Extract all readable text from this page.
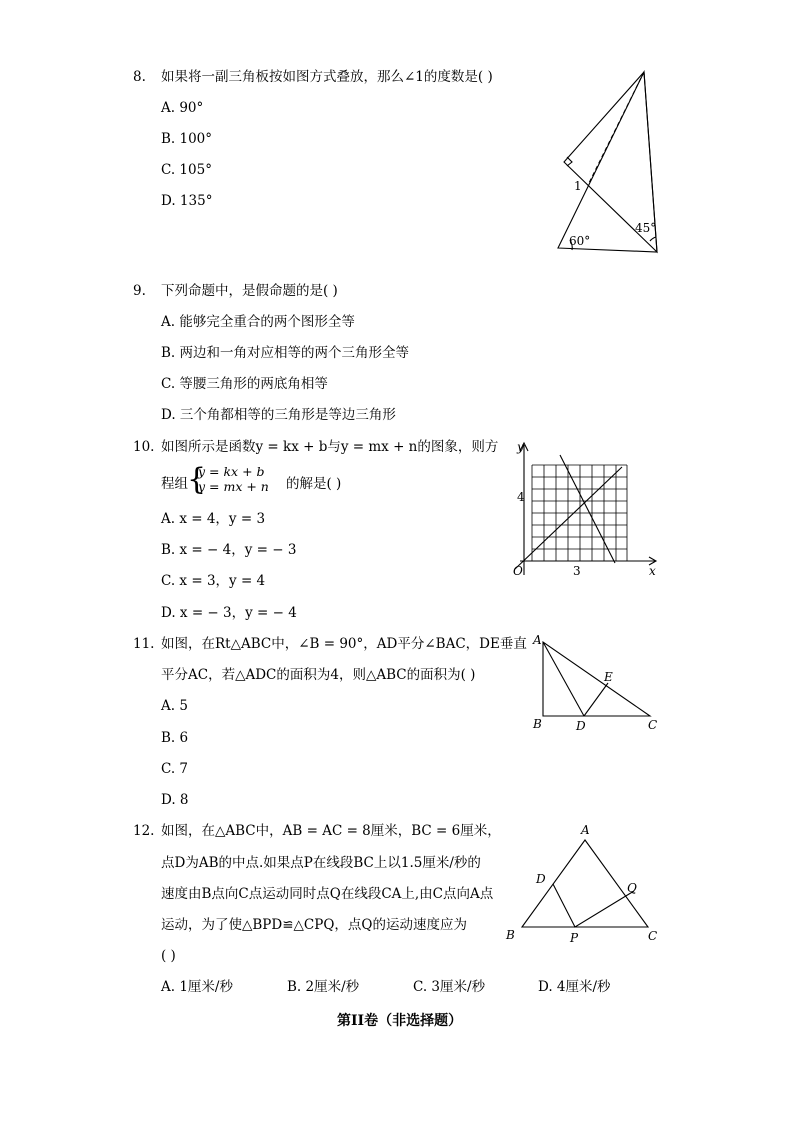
8. 如果将一副三角板按如图方式叠放，那么∠1的度数是( )
A. 90°
B. 100°
C. 105°
D. 135°
1
60°
45°
9. 下列命题中，是假命题的是( )
A. 能够完全重合的两个图形全等
B. 两边和一角对应相等的两个三角形全等
C. 等腰三角形的两底角相等
D. 三个角都相等的三角形是等边三角形
10. 如图所示是函数y = kx + b与y = mx + n的图象，则方
程组 {
y = kx + b
y = mx + n 的解是( )
A. x = 4，y = 3
B. x = − 4，y = − 3
C. x = 3，y = 4
D. x = − 3，y = − 4
y
x
O
4
3
11. 如图，在Rt△ABC中，∠B = 90°，AD平分∠BAC，DE垂直
平分AC，若△ADC的面积为4，则△ABC的面积为( )
A. 5
B. 6
C. 7
D. 8
A
B	C
D
E
12. 如图，在△ABC中，AB = AC = 8厘米，BC = 6厘米，
点D为AB的中点.如果点P在线段BC上以1.5厘米/秒的
速度由B点向C点运动同时点Q在线段CA上,由C点向A点
运动，为了使△BPD≌△CPQ，点Q的运动速度应为
( )
A. 1厘米/秒	B. 2厘米/秒	C. 3厘米/秒	D. 4厘米/秒
A
B	C
D
P
Q
第II卷（非选择题）
